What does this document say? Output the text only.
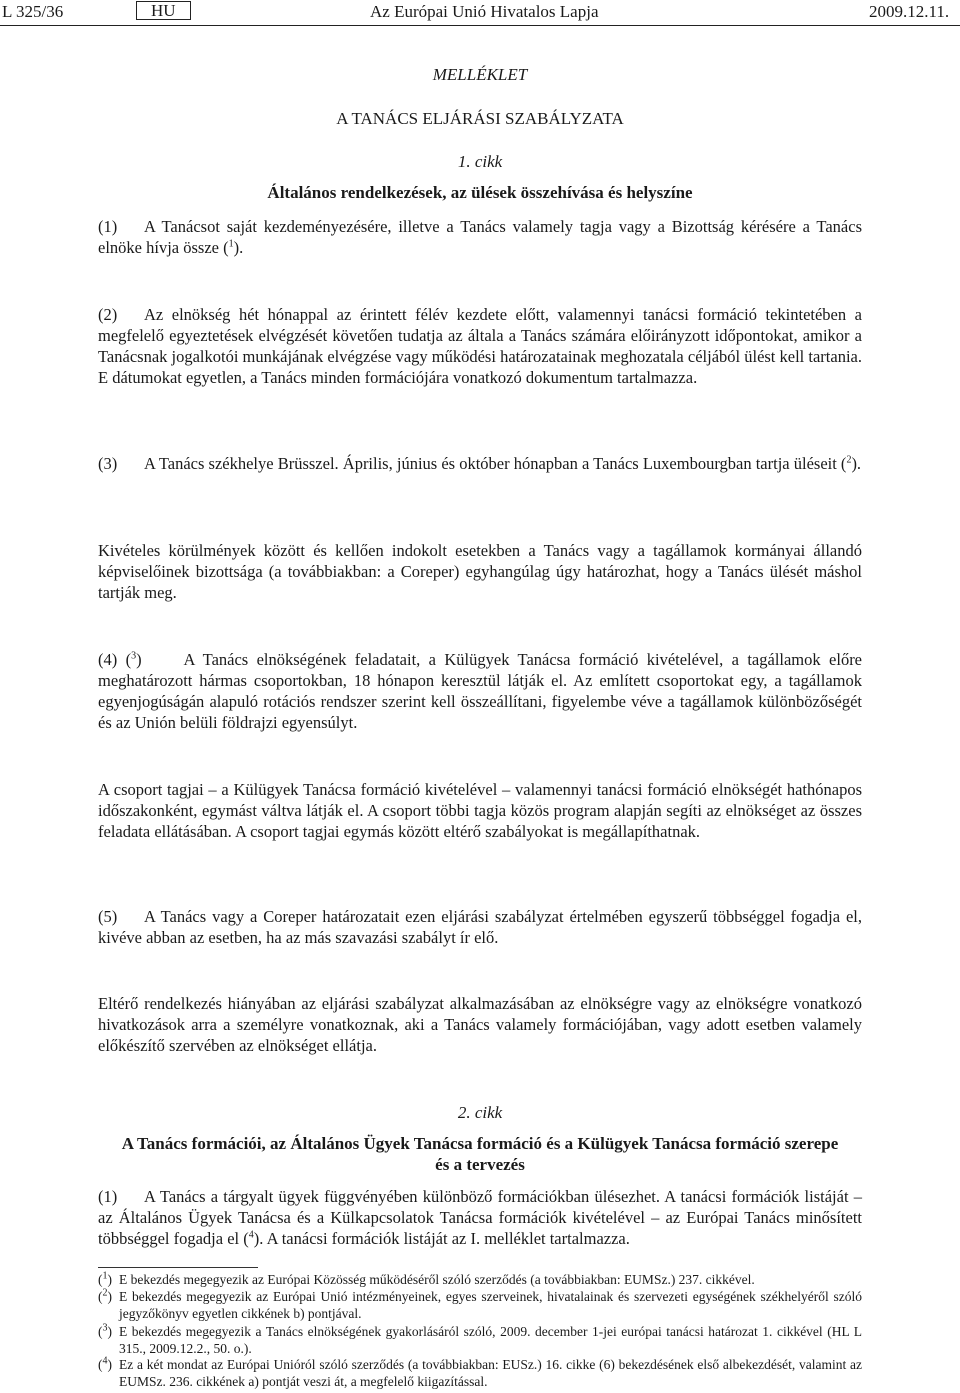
L 325/36	HU	Az Európai Unió Hivatalos Lapja	2009.12.11.
MELLÉKLET
A TANÁCS ELJÁRÁSI SZABÁLYZATA
1. cikk
Általános rendelkezések, az ülések összehívása és helyszíne
(1) A Tanácsot saját kezdeményezésére, illetve a Tanács valamely tagja vagy a Bizottság kérésére a Tanács elnöke hívja össze ($^1$).
(2) Az elnökség hét hónappal az érintett félév kezdete előtt, valamennyi tanácsi formáció tekintetében a megfelelő egyeztetések elvégzését követően tudatja az általa a Tanács számára előirányzott időpontokat, amikor a Tanácsnak jogalkotói munkájának elvégzése vagy működési határozatainak meghozatala céljából ülést kell tartania. E dátumokat egyetlen, a Tanács minden formációjára vonatkozó dokumentum tartalmazza.
(3) A Tanács székhelye Brüsszel. Április, június és október hónapban a Tanács Luxembourgban tartja üléseit ($^2$).
Kivételes körülmények között és kellően indokolt esetekben a Tanács vagy a tagállamok kormányai állandó képviselőinek bizottsága (a továbbiakban: a Coreper) egyhangúlag úgy határozhat, hogy a Tanács ülését máshol tartják meg.
(4) ($^3$)	A Tanács elnökségének feladatait, a Külügyek Tanácsa formáció kivételével, a tagállamok előre meghatározott hármas csoportokban, 18 hónapon keresztül látják el. Az említett csoportokat egy, a tagállamok egyenjogúságán alapuló rotációs rendszer szerint kell összeállítani, figyelembe véve a tagállamok különbözőségét és az Unión belüli földrajzi egyensúlyt.
A csoport tagjai – a Külügyek Tanácsa formáció kivételével – valamennyi tanácsi formáció elnökségét hathónapos időszakonként, egymást váltva látják el. A csoport többi tagja közös program alapján segíti az elnökséget az összes feladata ellátásában. A csoport tagjai egymás között eltérő szabályokat is megállapíthatnak.
(5) A Tanács vagy a Coreper határozatait ezen eljárási szabályzat értelmében egyszerű többséggel fogadja el, kivéve abban az esetben, ha az más szavazási szabályt ír elő.
Eltérő rendelkezés hiányában az eljárási szabályzat alkalmazásában az elnökségre vagy az elnökségre vonatkozó hivatkozások arra a személyre vonatkoznak, aki a Tanács valamely formációjában, vagy adott esetben valamely előkészítő szervében az elnökséget ellátja.
2. cikk
A Tanács formációi, az Általános Ügyek Tanácsa formáció és a Külügyek Tanácsa formáció szerepe
és a tervezés
(1) A Tanács a tárgyalt ügyek függvényében különböző formációkban ülésezhet. A tanácsi formációk listáját – az Általános Ügyek Tanácsa és a Külkapcsolatok Tanácsa formációk kivételével – az Európai Tanács minősített többséggel fogadja el ($^4$). A tanácsi formációk listáját az I. melléklet tartalmazza.
($^1$) E bekezdés megegyezik az Európai Közösség működéséről szóló szerződés (a továbbiakban: EUMSz.) 237. cikkével.
($^2$) E bekezdés megegyezik az Európai Unió intézményeinek, egyes szerveinek, hivatalainak és szervezeti egységének székhelyéről szóló jegyzőkönyv egyetlen cikkének b) pontjával.
($^3$) E bekezdés megegyezik a Tanács elnökségének gyakorlásáról szóló, 2009. december 1-jei európai tanácsi határozat 1. cikkével (HL L 315., 2009.12.2., 50. o.).
($^4$) Ez a két mondat az Európai Unióról szóló szerződés (a továbbiakban: EUSz.) 16. cikke (6) bekezdésének első albekezdését, valamint az EUMSz. 236. cikkének a) pontját veszi át, a megfelelő kiigazítással.
